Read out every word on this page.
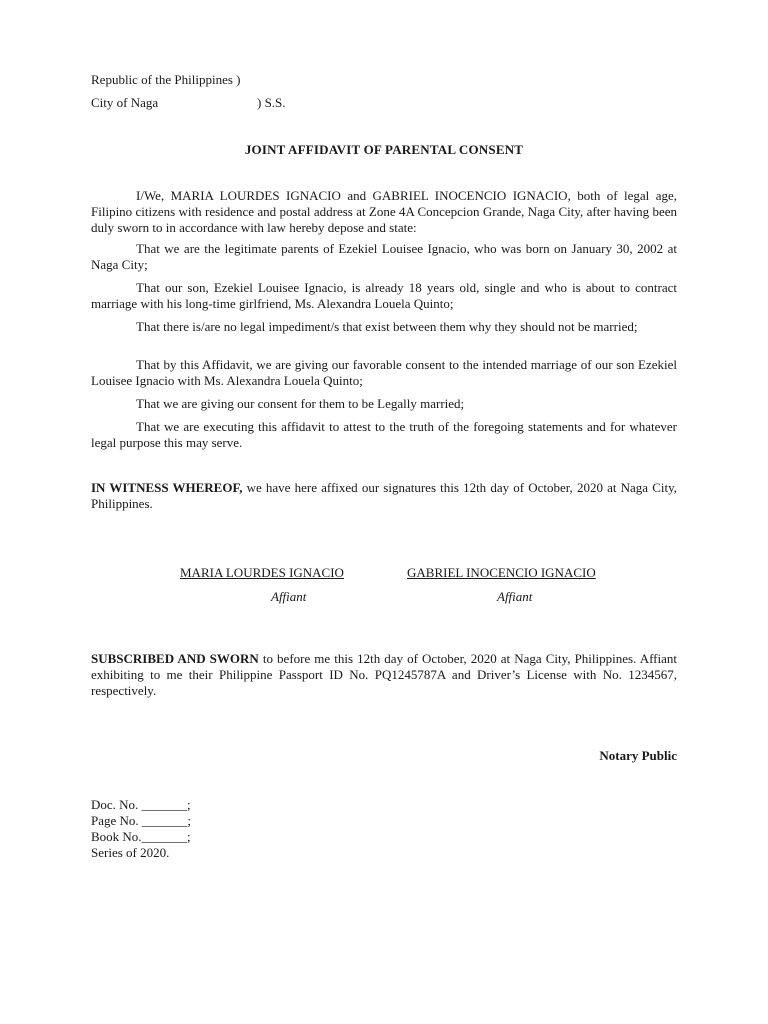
Republic of the Philippines )
City of Naga	) S.S.
JOINT AFFIDAVIT OF PARENTAL CONSENT
I/We, MARIA LOURDES IGNACIO and GABRIEL INOCENCIO IGNACIO, both of legal age, Filipino citizens with residence and postal address at Zone 4A Concepcion Grande, Naga City, after having been duly sworn to in accordance with law hereby depose and state:
That we are the legitimate parents of Ezekiel Louisee Ignacio, who was born on January 30, 2002 at Naga City;
That our son, Ezekiel Louisee Ignacio, is already 18 years old, single and who is about to contract marriage with his long-time girlfriend, Ms. Alexandra Louela Quinto;
That there is/are no legal impediment/s that exist between them why they should not be married;
That by this Affidavit, we are giving our favorable consent to the intended marriage of our son Ezekiel Louisee Ignacio with Ms. Alexandra Louela Quinto;
That we are giving our consent for them to be Legally married;
That we are executing this affidavit to attest to the truth of the foregoing statements and for whatever legal purpose this may serve.
IN WITNESS WHEREOF, we have here affixed our signatures this 12th day of October, 2020 at Naga City, Philippines.
MARIA LOURDES IGNACIO	GABRIEL INOCENCIO IGNACIO
Affiant	Affiant
SUBSCRIBED AND SWORN to before me this 12th day of October, 2020 at Naga City, Philippines. Affiant exhibiting to me their Philippine Passport ID No. PQ1245787A and Driver’s License with No. 1234567, respectively.
Notary Public
Doc. No. _______;
Page No. _______;
Book No._______;
Series of 2020.
